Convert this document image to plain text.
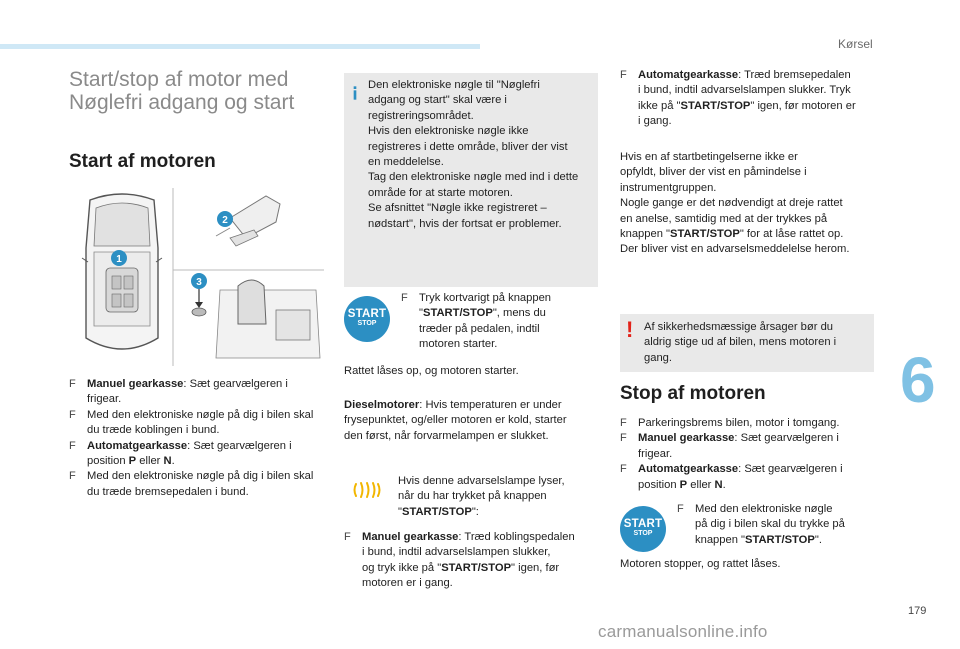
Kørsel
6
179
carmanualsonline.info
Start/stop af motor med
Nøglefri adgang og start
Start af motoren
1
2
3
F Manuel gearkasse: Sæt gearvælgeren i frigear.
F Med den elektroniske nøgle på dig i bilen skal du træde koblingen i bund.
F Automatgearkasse: Sæt gearvælgeren i position P eller N.
F Med den elektroniske nøgle på dig i bilen skal du træde bremsepedalen i bund.
Den elektroniske nøgle til "Nøglefri
adgang og start" skal være i
registreringsområdet.
Hvis den elektroniske nøgle ikke
registreres i dette område, bliver der vist
en meddelelse.
Tag den elektroniske nøgle med ind i dette
område for at starte motoren.
Se afsnittet "Nøgle ikke registreret –
nødstart", hvis der fortsat er problemer.
START
STOP
F Tryk kortvarigt på knappen
"START/STOP", mens du
træder på pedalen, indtil
motoren starter.
Rattet låses op, og motoren starter.
Dieselmotorer: Hvis temperaturen er under
frysepunktet, og/eller motoren er kold, starter
den først, når forvarmelampen er slukket.
Hvis denne advarselslampe lyser,
når du har trykket på knappen
"START/STOP":
F Manuel gearkasse: Træd koblingspedalen
i bund, indtil advarselslampen slukker,
og tryk ikke på "START/STOP" igen, før
motoren er i gang.
F Automatgearkasse: Træd bremsepedalen
i bund, indtil advarselslampen slukker. Tryk
ikke på "START/STOP" igen, før motoren er
i gang.
Hvis en af startbetingelserne ikke er
opfyldt, bliver der vist en påmindelse i
instrumentgruppen.
Nogle gange er det nødvendigt at dreje rattet
en anelse, samtidig med at der trykkes på
knappen "START/STOP" for at låse rattet op.
Der bliver vist en advarselsmeddelelse herom.
! Af sikkerhedsmæssige årsager bør du
aldrig stige ud af bilen, mens motoren i
gang.
Stop af motoren
F Parkeringsbrems bilen, motor i tomgang.
F Manuel gearkasse: Sæt gearvælgeren i
frigear.
F Automatgearkasse: Sæt gearvælgeren i
position P eller N.
START
STOP
F Med den elektroniske nøgle
på dig i bilen skal du trykke på
knappen "START/STOP".
Motoren stopper, og rattet låses.
